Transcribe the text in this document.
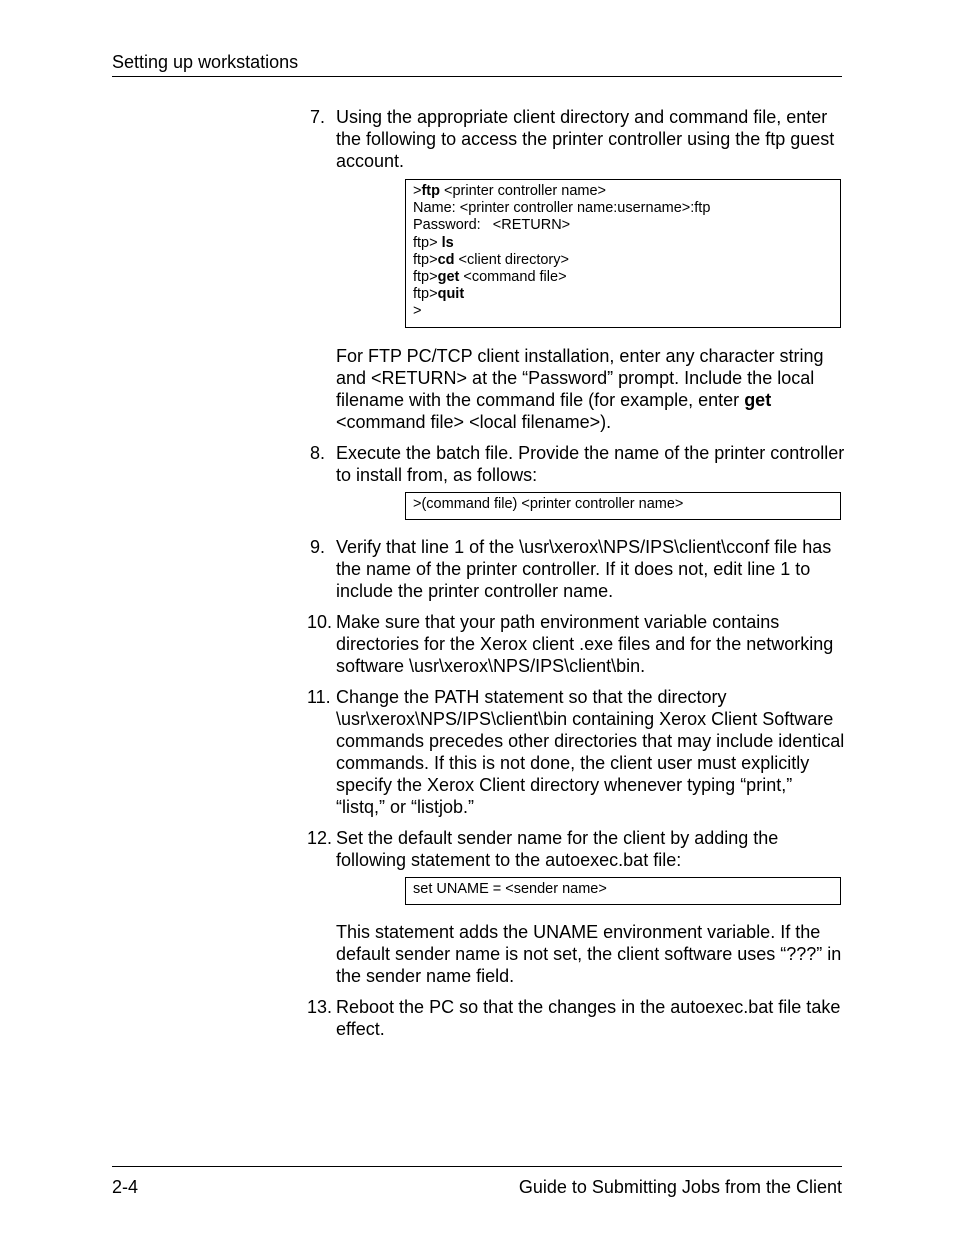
Setting up workstations
7. Using the appropriate client directory and command file, enter the following to access the printer controller using the ftp guest account.
>ftp <printer controller name>
Name: <printer controller name:username>:ftp
Password:   <RETURN>
ftp> ls
ftp>cd <client directory>
ftp>get <command file>
ftp>quit
>
For FTP PC/TCP client installation, enter any character string and <RETURN> at the “Password” prompt. Include the local filename with the command file (for example, enter get <command file> <local filename>).
8. Execute the batch file. Provide the name of the printer controller to install from, as follows:
>(command file) <printer controller name>
9. Verify that line 1 of the \usr\xerox\NPS/IPS\client\cconf file has the name of the printer controller. If it does not, edit line 1 to include the printer controller name.
10. Make sure that your path environment variable contains directories for the Xerox client .exe files and for the networking software \usr\xerox\NPS/IPS\client\bin.
11. Change the PATH statement so that the directory \usr\xerox\NPS/IPS\client\bin containing Xerox Client Software commands precedes other directories that may include identical commands. If this is not done, the client user must explicitly specify the Xerox Client directory whenever typing “print,” “listq,” or “listjob.”
12. Set the default sender name for the client by adding the following statement to the autoexec.bat file:
set UNAME = <sender name>
This statement adds the UNAME environment variable. If the default sender name is not set, the client software uses “???” in the sender name field.
13. Reboot the PC so that the changes in the autoexec.bat file take effect.
2-4	Guide to Submitting Jobs from the Client
